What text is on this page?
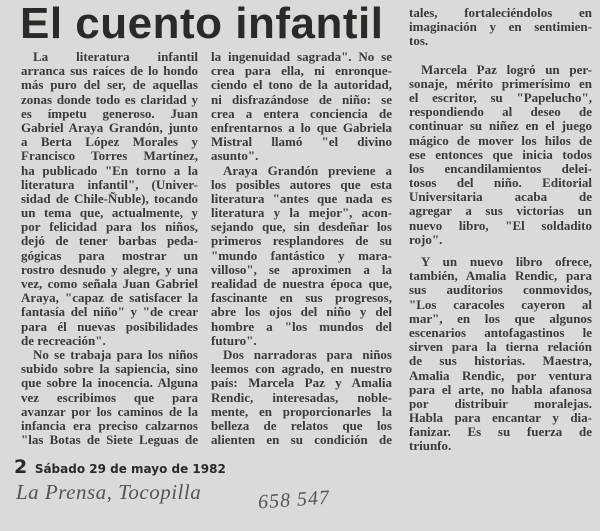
El cuento infantil
La literatura infantil
arranca sus raíces de lo hondo
más puro del ser, de aquellas
zonas donde todo es claridad y
es ímpetu generoso. Juan
Gabriel Araya Grandón, junto
a Berta López Morales y
Francisco Torres Martínez,
ha publicado "En torno a la
literatura infantil", (Univer-
sidad de Chile-Ñuble), tocando
un tema que, actualmente, y
por felicidad para los niños,
dejó de tener barbas peda-
gógicas para mostrar un
rostro desnudo y alegre, y una
vez, como señala Juan Gabriel
Araya, "capaz de satisfacer la
fantasía del niño" y "de crear
para él nuevas posibilidades
de recreación".
No se trabaja para los niños
subido sobre la sapiencia, sino
que sobre la inocencia. Alguna
vez escribimos que para
avanzar por los caminos de la
infancia era preciso calzarnos
"las Botas de Siete Leguas de
la ingenuidad sagrada". No se
crea para ella, ni enronque-
ciendo el tono de la autoridad,
ni disfrazándose de niño: se
crea a entera conciencia de
enfrentarnos a lo que Gabriela
Mistral llamó "el divino
asunto".
Araya Grandón previene a
los posibles autores que esta
literatura "antes que nada es
literatura y la mejor", acon-
sejando que, sin desdeñar los
primeros resplandores de su
"mundo fantástico y mara-
villoso", se aproximen a la
realidad de nuestra época que,
fascinante en sus progresos,
abre los ojos del niño y del
hombre a "los mundos del
futuro".
Dos narradoras para niños
leemos con agrado, en nuestro
país: Marcela Paz y Amalia
Rendic, interesadas, noble-
mente, en proporcionarles la
belleza de relatos que los
alienten en su condición de
tales, fortaleciéndolos en
imaginación y en sentimien-
tos.
Marcela Paz logró un per-
sonaje, mérito primerísimo en
el escritor, su "Papelucho",
respondiendo al deseo de
continuar su niñez en el juego
mágico de mover los hilos de
ese entonces que inicia todos
los encandilamientos delei-
tosos del niño. Editorial
Universitaria acaba de
agregar a sus victorias un
nuevo libro, "El soldadito
rojo".
Y un nuevo libro ofrece,
también, Amalia Rendic, para
sus auditorios conmovidos,
"Los caracoles cayeron al
mar", en los que algunos
escenarios antofagastinos le
sirven para la tierna relación
de sus historias. Maestra,
Amalia Rendic, por ventura
para el arte, no habla afanosa
por distribuir moralejas.
Habla para encantar y dia-
fanizar. Es su fuerza de
triunfo.
2 Sábado 29 de mayo de 1982
La Prensa, Tocopilla	658 547
